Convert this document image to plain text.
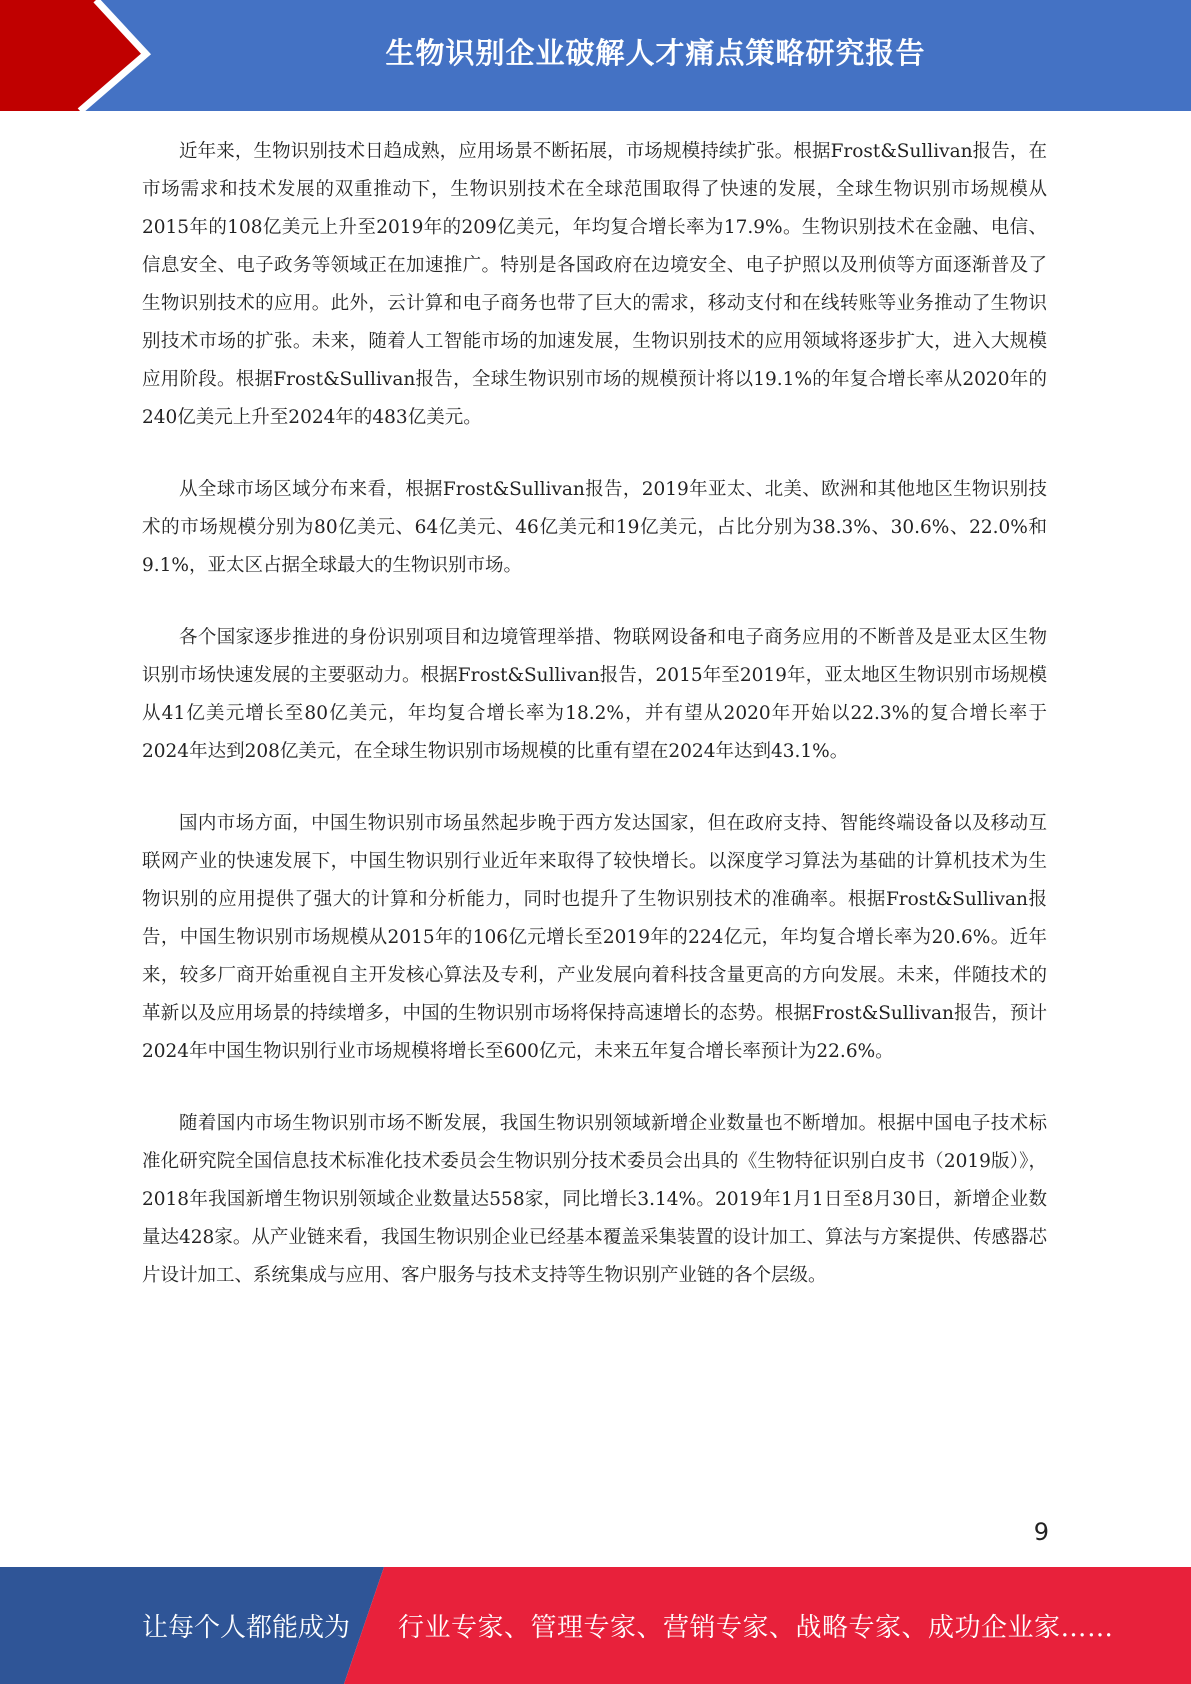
生物识别企业破解人才痛点策略研究报告

近年来，生物识别技术日趋成熟，应用场景不断拓展，市场规模持续扩张。根据Frost&Sullivan报告，在市场需求和技术发展的双重推动下，生物识别技术在全球范围取得了快速的发展，全球生物识别市场规模从2015年的108亿美元上升至2019年的209亿美元，年均复合增长率为17.9%。生物识别技术在金融、电信、信息安全、电子政务等领域正在加速推广。特别是各国政府在边境安全、电子护照以及刑侦等方面逐渐普及了生物识别技术的应用。此外，云计算和电子商务也带了巨大的需求，移动支付和在线转账等业务推动了生物识别技术市场的扩张。未来，随着人工智能市场的加速发展，生物识别技术的应用领域将逐步扩大，进入大规模应用阶段。根据Frost&Sullivan报告，全球生物识别市场的规模预计将以19.1%的年复合增长率从2020年的240亿美元上升至2024年的483亿美元。

从全球市场区域分布来看，根据Frost&Sullivan报告，2019年亚太、北美、欧洲和其他地区生物识别技术的市场规模分别为80亿美元、64亿美元、46亿美元和19亿美元，占比分别为38.3%、30.6%、22.0%和9.1%，亚太区占据全球最大的生物识别市场。

各个国家逐步推进的身份识别项目和边境管理举措、物联网设备和电子商务应用的不断普及是亚太区生物识别市场快速发展的主要驱动力。根据Frost&Sullivan报告，2015年至2019年，亚太地区生物识别市场规模从41亿美元增长至80亿美元，年均复合增长率为18.2%，并有望从2020年开始以22.3%的复合增长率于2024年达到208亿美元，在全球生物识别市场规模的比重有望在2024年达到43.1%。

国内市场方面，中国生物识别市场虽然起步晚于西方发达国家，但在政府支持、智能终端设备以及移动互联网产业的快速发展下，中国生物识别行业近年来取得了较快增长。以深度学习算法为基础的计算机技术为生物识别的应用提供了强大的计算和分析能力，同时也提升了生物识别技术的准确率。根据Frost&Sullivan报告，中国生物识别市场规模从2015年的106亿元增长至2019年的224亿元，年均复合增长率为20.6%。近年来，较多厂商开始重视自主开发核心算法及专利，产业发展向着科技含量更高的方向发展。未来，伴随技术的革新以及应用场景的持续增多，中国的生物识别市场将保持高速增长的态势。根据Frost&Sullivan报告，预计2024年中国生物识别行业市场规模将增长至600亿元，未来五年复合增长率预计为22.6%。

随着国内市场生物识别市场不断发展，我国生物识别领域新增企业数量也不断增加。根据中国电子技术标准化研究院全国信息技术标准化技术委员会生物识别分技术委员会出具的《生物特征识别白皮书（2019版）》，2018年我国新增生物识别领域企业数量达558家，同比增长3.14%。2019年1月1日至8月30日，新增企业数量达428家。从产业链来看，我国生物识别企业已经基本覆盖采集装置的设计加工、算法与方案提供、传感器芯片设计加工、系统集成与应用、客户服务与技术支持等生物识别产业链的各个层级。

9
让每个人都能成为 行业专家、管理专家、营销专家、战略专家、成功企业家……
